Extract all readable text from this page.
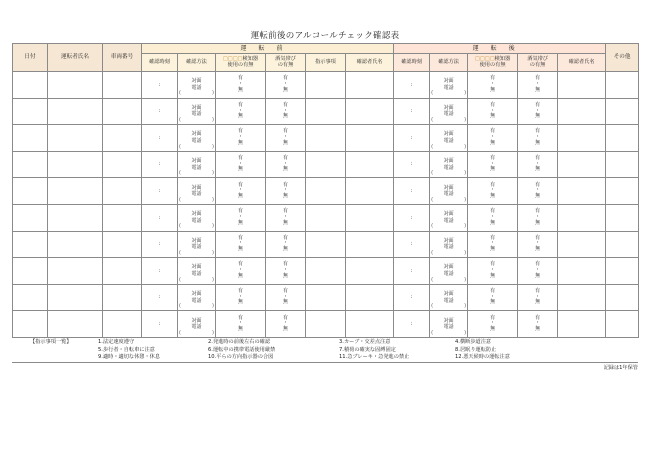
運転前後のアルコールチェック確認表
日付	運転者氏名	車両番号	運転前						運転後					その他
			確認時刻	確認方法	□□□□検知器
使用の有無	酒気帯び
の有無	指示事項	確認者氏名	確認時刻	確認方法	□□□□検知器
使用の有無	酒気帯び
の有無	確認者氏名	
			:	対面
電話
( )	有
・
無	有
・
無			:	対面
電話
( )	有
・
無	有
・
無		

			:	対面
電話
( )	有
・
無	有
・
無			:	対面
電話
( )	有
・
無	有
・
無		

			:	対面
電話
( )	有
・
無	有
・
無			:	対面
電話
( )	有
・
無	有
・
無		

			:	対面
電話
( )	有
・
無	有
・
無			:	対面
電話
( )	有
・
無	有
・
無		

			:	対面
電話
( )	有
・
無	有
・
無			:	対面
電話
( )	有
・
無	有
・
無		

			:	対面
電話
( )	有
・
無	有
・
無			:	対面
電話
( )	有
・
無	有
・
無		

			:	対面
電話
( )	有
・
無	有
・
無			:	対面
電話
( )	有
・
無	有
・
無		

			:	対面
電話
( )	有
・
無	有
・
無			:	対面
電話
( )	有
・
無	有
・
無		

			:	対面
電話
( )	有
・
無	有
・
無			:	対面
電話
( )	有
・
無	有
・
無		

			:	対面
電話
( )	有
・
無	有
・
無			:	対面
電話
( )	有
・
無	有
・
無		

【指示事項一覧】	1.法定速度遵守	2.発進時の前後左右の確認	3.カーブ・交差点注意	4.横断歩道注意
5.歩行者・自転車に注意	6.運転中の携帯電話使用厳禁	7.積荷の確実な固縛固定	8.居眠り運転防止
9.適時・適切な休憩・休息	10.平らの方向指示器の合図	11.急ブレーキ・急発進の禁止	12.悪天候時の運転注意
記録は1年保管
